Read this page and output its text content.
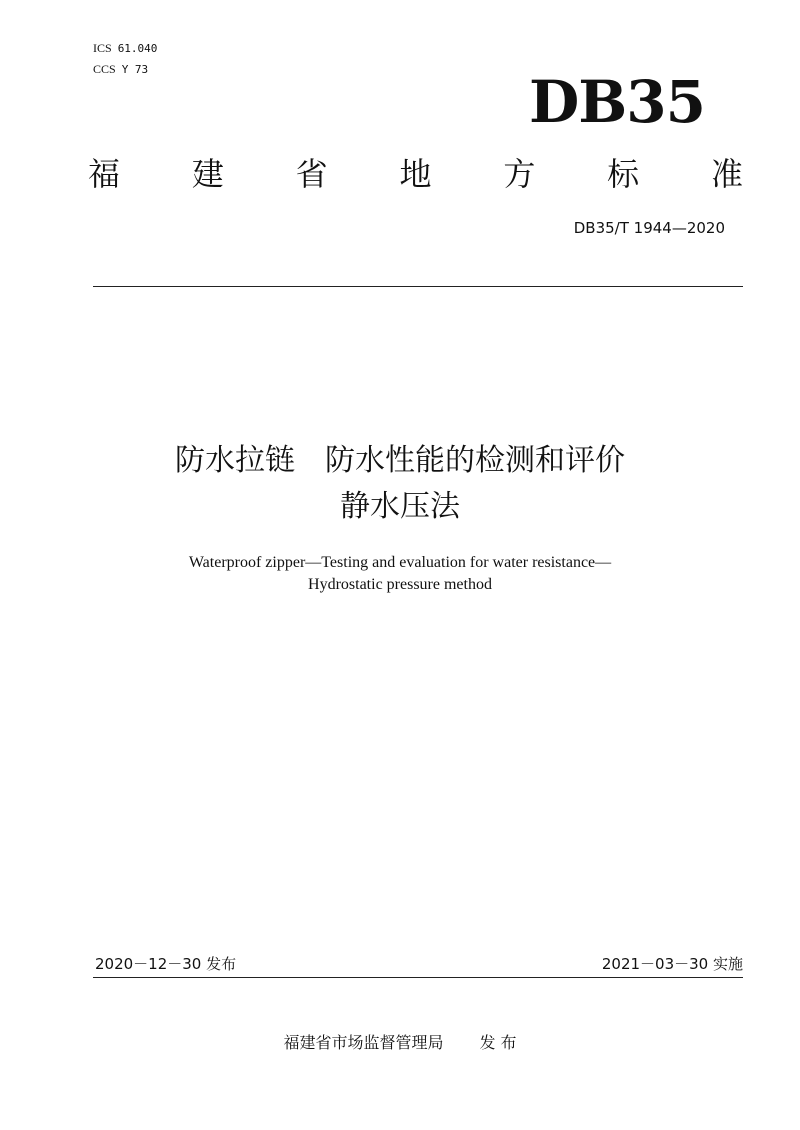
ICS 61.040
CCS Y 73	DB35
福 建 省 地 方 标 准
DB35/T 1944—2020
防水拉链　防水性能的检测和评价
静水压法
Waterproof zipper—Testing and evaluation for water resistance—
Hydrostatic pressure method
2020－12－30 发布	2021－03－30 实施
福建省市场监督管理局 发 布
